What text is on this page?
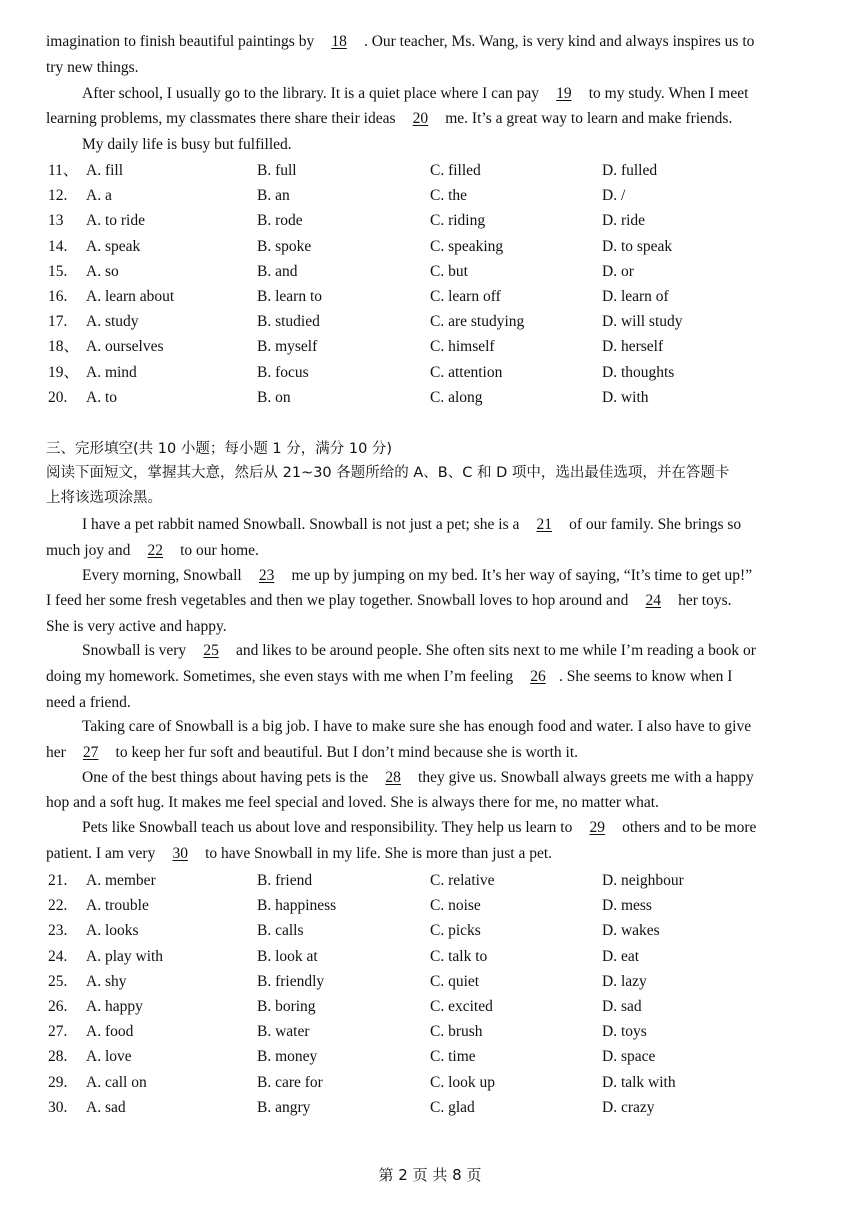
imagination to finish beautiful paintings by 18 . Our teacher, Ms. Wang, is very kind and always inspires us to
try new things.
After school, I usually go to the library. It is a quiet place where I can pay 19 to my study. When I meet
learning problems, my classmates there share their ideas 20 me. It’s a great way to learn and make friends.
My daily life is busy but fulfilled.
11、 A. fill	B. full	C. filled	D. fulled
12. A. a	B. an	C. the	D. /
13 A. to ride	B. rode	C. riding	D. ride
14. A. speak	B. spoke	C. speaking	D. to speak
15. A. so	B. and	C. but	D. or
16. A. learn about	B. learn to	C. learn off	D. learn of
17. A. study	B. studied	C. are studying	D. will study
18、 A. ourselves	B. myself	C. himself	D. herself
19、 A. mind	B. focus	C. attention	D. thoughts
20. A. to	B. on	C. along	D. with
三、完形填空(共 10 小题；每小题 1 分，满分 10 分)
阅读下面短文，掌握其大意，然后从 21~30 各题所给的 A、B、C 和 D 项中，选出最佳选项，并在答题卡
上将该选项涂黑。
I have a pet rabbit named Snowball. Snowball is not just a pet; she is a 21 of our family. She brings so
much joy and 22 to our home.
Every morning, Snowball 23 me up by jumping on my bed. It’s her way of saying, “It’s time to get up!”
I feed her some fresh vegetables and then we play together. Snowball loves to hop around and 24 her toys.
She is very active and happy.
Snowball is very 25 and likes to be around people. She often sits next to me while I’m reading a book or
doing my homework. Sometimes, she even stays with me when I’m feeling 26 . She seems to know when I
need a friend.
Taking care of Snowball is a big job. I have to make sure she has enough food and water. I also have to give
her 27 to keep her fur soft and beautiful. But I don’t mind because she is worth it.
One of the best things about having pets is the 28 they give us. Snowball always greets me with a happy
hop and a soft hug. It makes me feel special and loved. She is always there for me, no matter what.
Pets like Snowball teach us about love and responsibility. They help us learn to 29 others and to be more
patient. I am very 30 to have Snowball in my life. She is more than just a pet.
21. A. member	B. friend	C. relative	D. neighbour
22. A. trouble	B. happiness	C. noise	D. mess
23. A. looks	B. calls	C. picks	D. wakes
24. A. play with	B. look at	C. talk to	D. eat
25. A. shy	B. friendly	C. quiet	D. lazy
26. A. happy	B. boring	C. excited	D. sad
27. A. food	B. water	C. brush	D. toys
28. A. love	B. money	C. time	D. space
29. A. call on	B. care for	C. look up	D. talk with
30. A. sad	B. angry	C. glad	D. crazy
第 2 页 共 8 页
